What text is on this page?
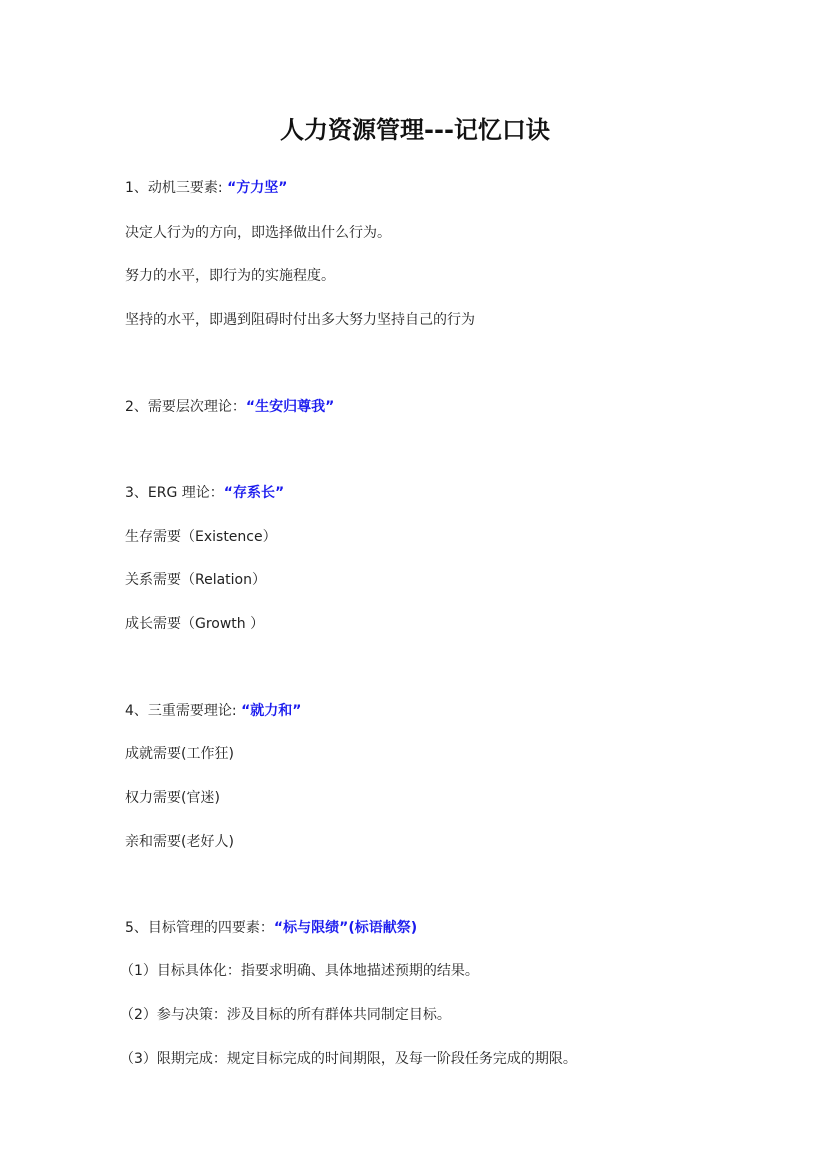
人力资源管理---记忆口诀
1、动机三要素: “方力坚”
决定人行为的方向，即选择做出什么行为。
努力的水平，即行为的实施程度。
坚持的水平，即遇到阻碍时付出多大努力坚持自己的行为
2、需要层次理论：“生安归尊我”
3、ERG 理论：“存系长”
生存需要（Existence）
关系需要（Relation）
成长需要（Growth ）
4、三重需要理论: “就力和”
成就需要(工作狂)
权力需要(官迷)
亲和需要(老好人)
5、目标管理的四要素：“标与限绩”(标语献祭)
（1）目标具体化：指要求明确、具体地描述预期的结果。
（2）参与决策：涉及目标的所有群体共同制定目标。
（3）限期完成：规定目标完成的时间期限，及每一阶段任务完成的期限。
